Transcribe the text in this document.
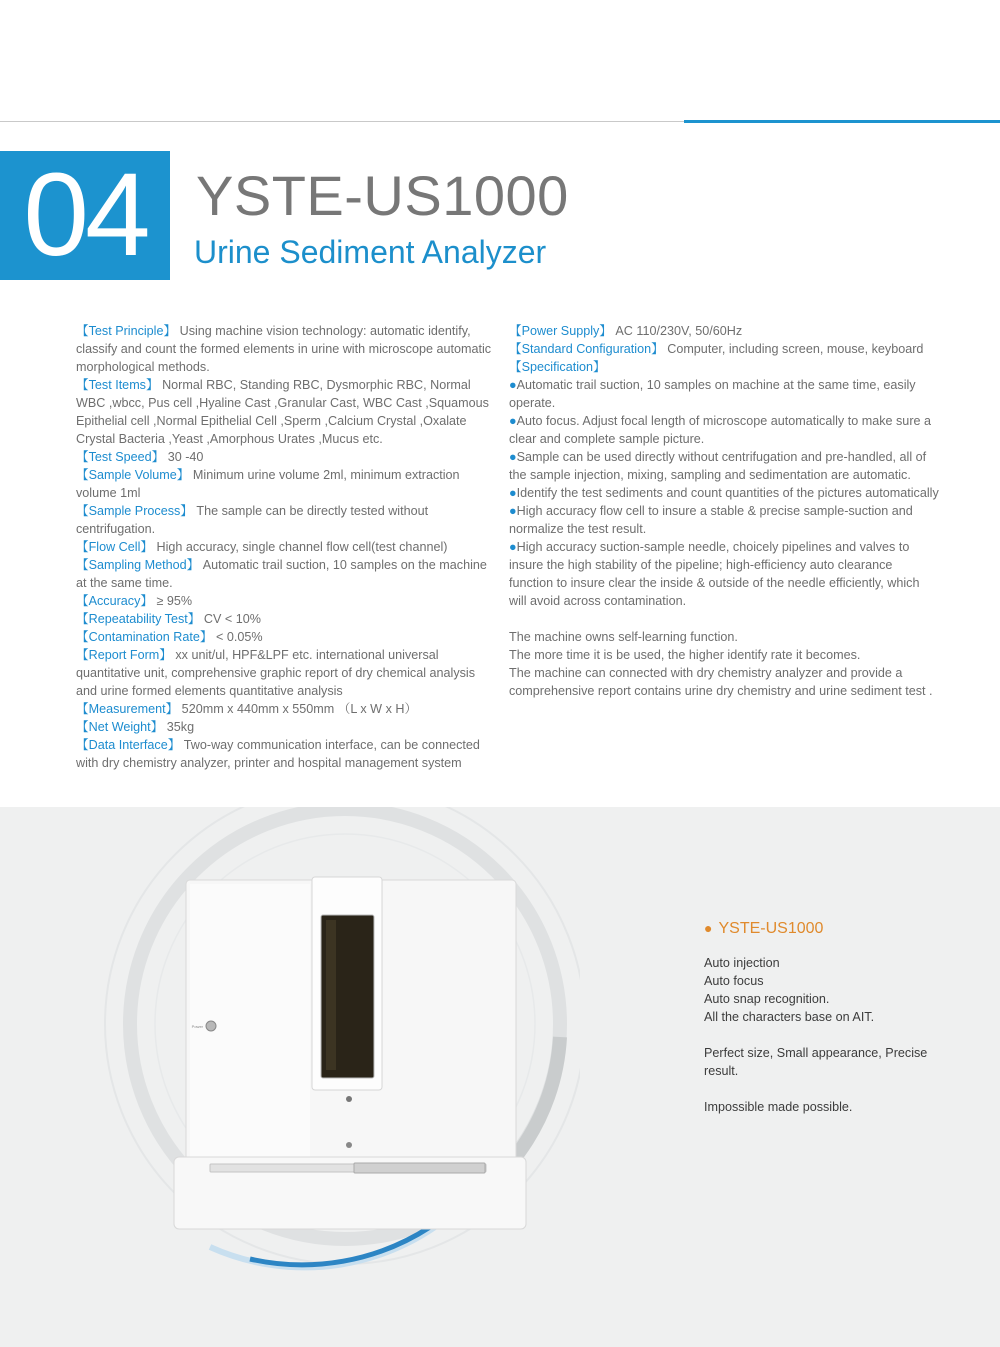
04 YSTE-US1000
Urine Sediment Analyzer

【Test Principle】 Using machine vision technology: automatic identify, classify and count the formed elements in urine with microscope automatic morphological methods.

【Test Items】 Normal RBC, Standing RBC, Dysmorphic RBC, Normal WBC ,wbcc, Pus cell ,Hyaline Cast ,Granular Cast, WBC Cast ,Squamous Epithelial cell ,Normal Epithelial Cell ,Sperm ,Calcium Crystal ,Oxalate Crystal Bacteria ,Yeast ,Amorphous Urates ,Mucus etc.

【Test Speed】 30 -40

【Sample Volume】 Minimum urine volume 2ml, minimum extraction volume 1ml

【Sample Process】 The sample can be directly tested without centrifugation.

【Flow Cell】 High accuracy, single channel flow cell(test channel)

【Sampling Method】 Automatic trail suction, 10 samples on the machine at the same time.

【Accuracy】 ≥ 95%

【Repeatability Test】 CV < 10%

【Contamination Rate】 < 0.05%

【Report Form】 xx unit/ul, HPF&LPF etc. international universal quantitative unit, comprehensive graphic report of dry chemical analysis and urine formed elements quantitative analysis

【Measurement】 520mm x 440mm x 550mm （L x W x H）

【Net Weight】 35kg

【Data Interface】 Two-way communication interface, can be connected with dry chemistry analyzer, printer and hospital management system

【Power Supply】 AC 110/230V, 50/60Hz

【Standard Configuration】 Computer, including screen, mouse, keyboard

【Specification】

●Automatic trail suction, 10 samples on machine at the same time, easily operate.

●Auto focus. Adjust focal length of microscope automatically to make sure a clear and complete sample picture.

●Sample can be used directly without centrifugation and pre-handled, all of the sample injection, mixing, sampling and sedimentation are automatic.

●Identify the test sediments and count quantities of the pictures automatically

●High accuracy flow cell to insure a stable & precise sample-suction and normalize the test result.

●High accuracy suction-sample needle, choicely pipelines and valves to insure the high stability of the pipeline; high-efficiency auto clearance function to insure clear the inside & outside of the needle efficiently, which will avoid across contamination.

The machine owns self-learning function.

The more time it is be used, the higher identify rate it becomes.

The machine can connected with dry chemistry analyzer and provide a comprehensive report contains urine dry chemistry and urine sediment test .

Power
● YSTE-US1000

Auto injection

Auto focus

Auto snap recognition.

All the characters base on AIT.

Perfect size, Small appearance, Precise result.

Impossible made possible.
